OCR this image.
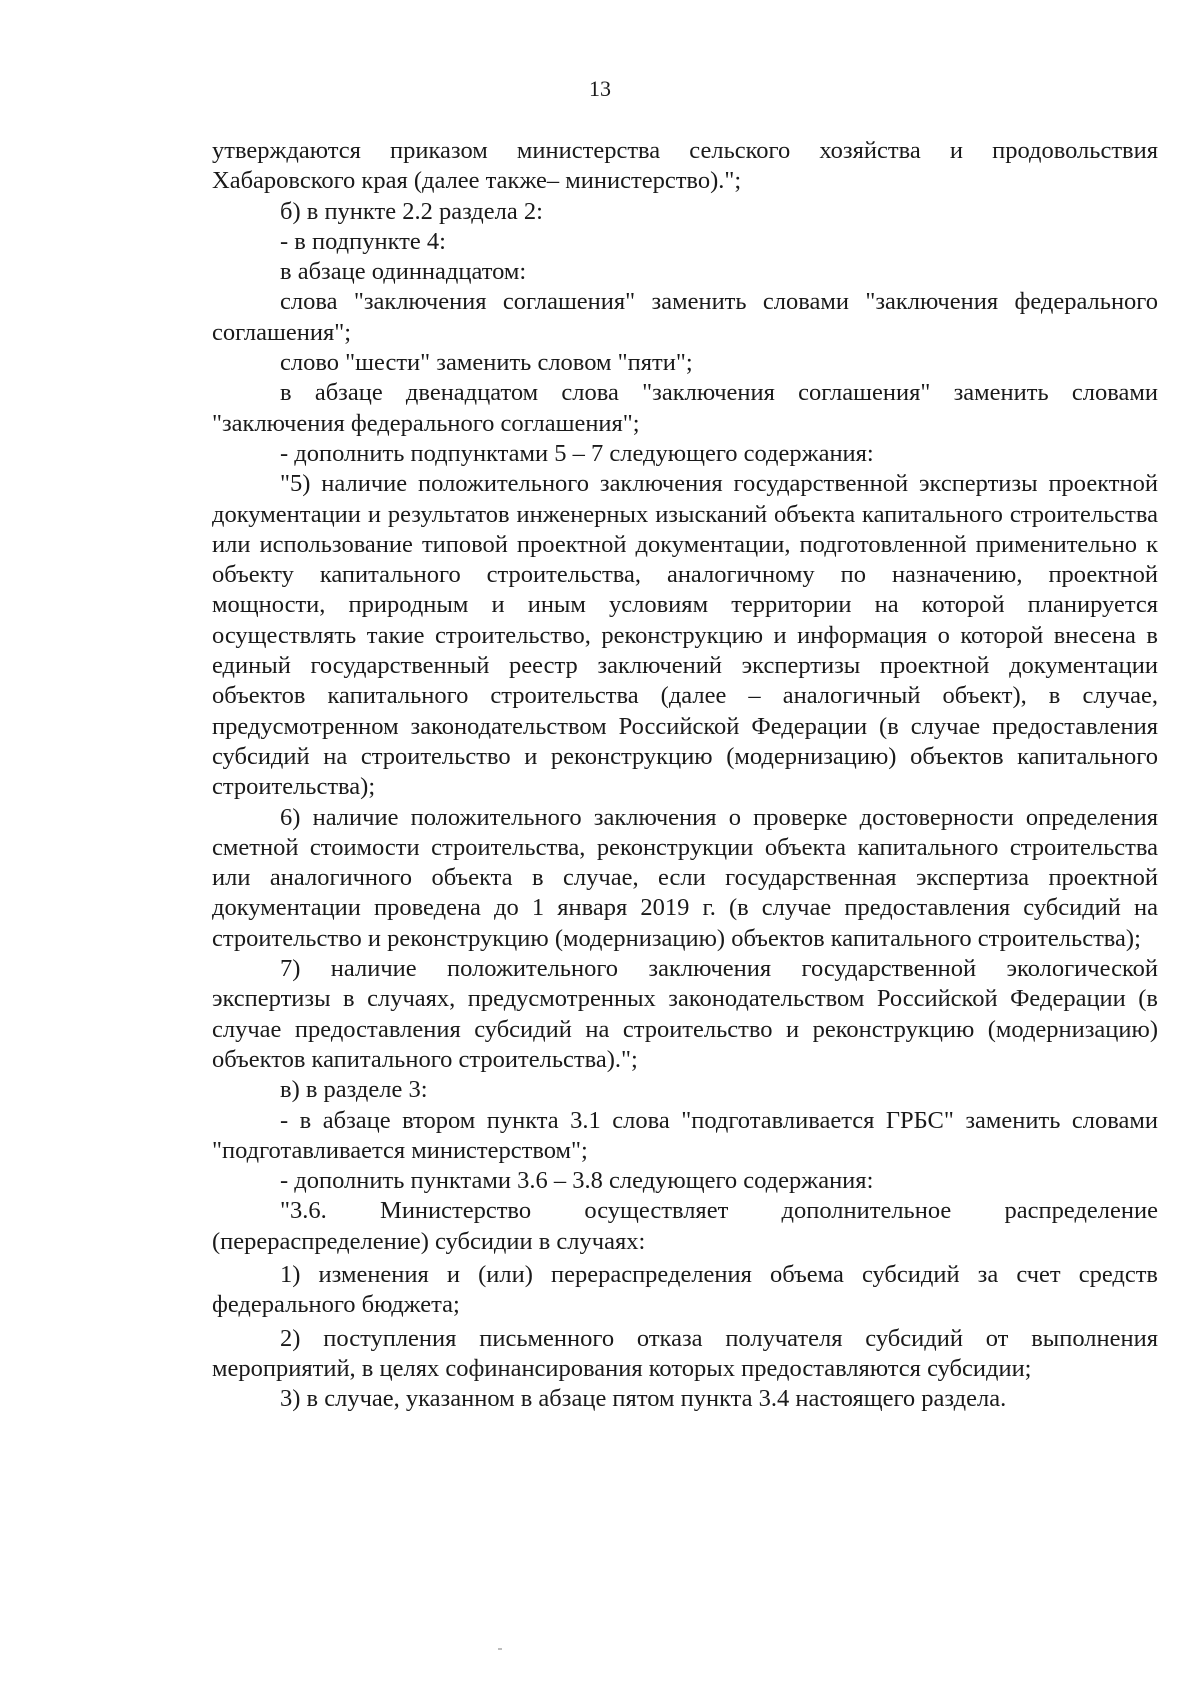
13

утверждаются приказом министерства сельского хозяйства и продовольствия Хабаровского края (далее также– министерство).";

б) в пункте 2.2 раздела 2:

- в подпункте 4:

в абзаце одиннадцатом:

слова "заключения соглашения" заменить словами "заключения федерального соглашения";

слово "шести" заменить словом "пяти";

в абзаце двенадцатом слова "заключения соглашения" заменить словами "заключения федерального соглашения";

- дополнить подпунктами 5 – 7 следующего содержания:

"5) наличие положительного заключения государственной экспертизы проектной документации и результатов инженерных изысканий объекта капитального строительства или использование типовой проектной документации, подготовленной применительно к объекту капитального строительства, аналогичному по назначению, проектной мощности, природным и иным условиям территории на которой планируется осуществлять такие строительство, реконструкцию и информация о которой внесена в единый государственный реестр заключений экспертизы проектной документации объектов капитального строительства (далее – аналогичный объект), в случае, предусмотренном законодательством Российской Федерации (в случае предоставления субсидий на строительство и реконструкцию (модернизацию) объектов капитального строительства);

6) наличие положительного заключения о проверке достоверности определения сметной стоимости строительства, реконструкции объекта капитального строительства или аналогичного объекта в случае, если государственная экспертиза проектной документации проведена до 1 января 2019 г. (в случае предоставления субсидий на строительство и реконструкцию (модернизацию) объектов капитального строительства);

7) наличие положительного заключения государственной экологической экспертизы в случаях, предусмотренных законодательством Российской Федерации (в случае предоставления субсидий на строительство и реконструкцию (модернизацию) объектов капитального строительства).";

в) в разделе 3:

- в абзаце втором пункта 3.1 слова "подготавливается ГРБС" заменить словами "подготавливается министерством";

- дополнить пунктами 3.6 – 3.8 следующего содержания:

"3.6. Министерство осуществляет дополнительное распределение (перераспределение) субсидии в случаях:

1) изменения и (или) перераспределения объема субсидий за счет средств федерального бюджета;

2) поступления письменного отказа получателя субсидий от выполнения мероприятий, в целях софинансирования которых предоставляются субсидии;

3) в случае, указанном в абзаце пятом пункта 3.4 настоящего раздела.
